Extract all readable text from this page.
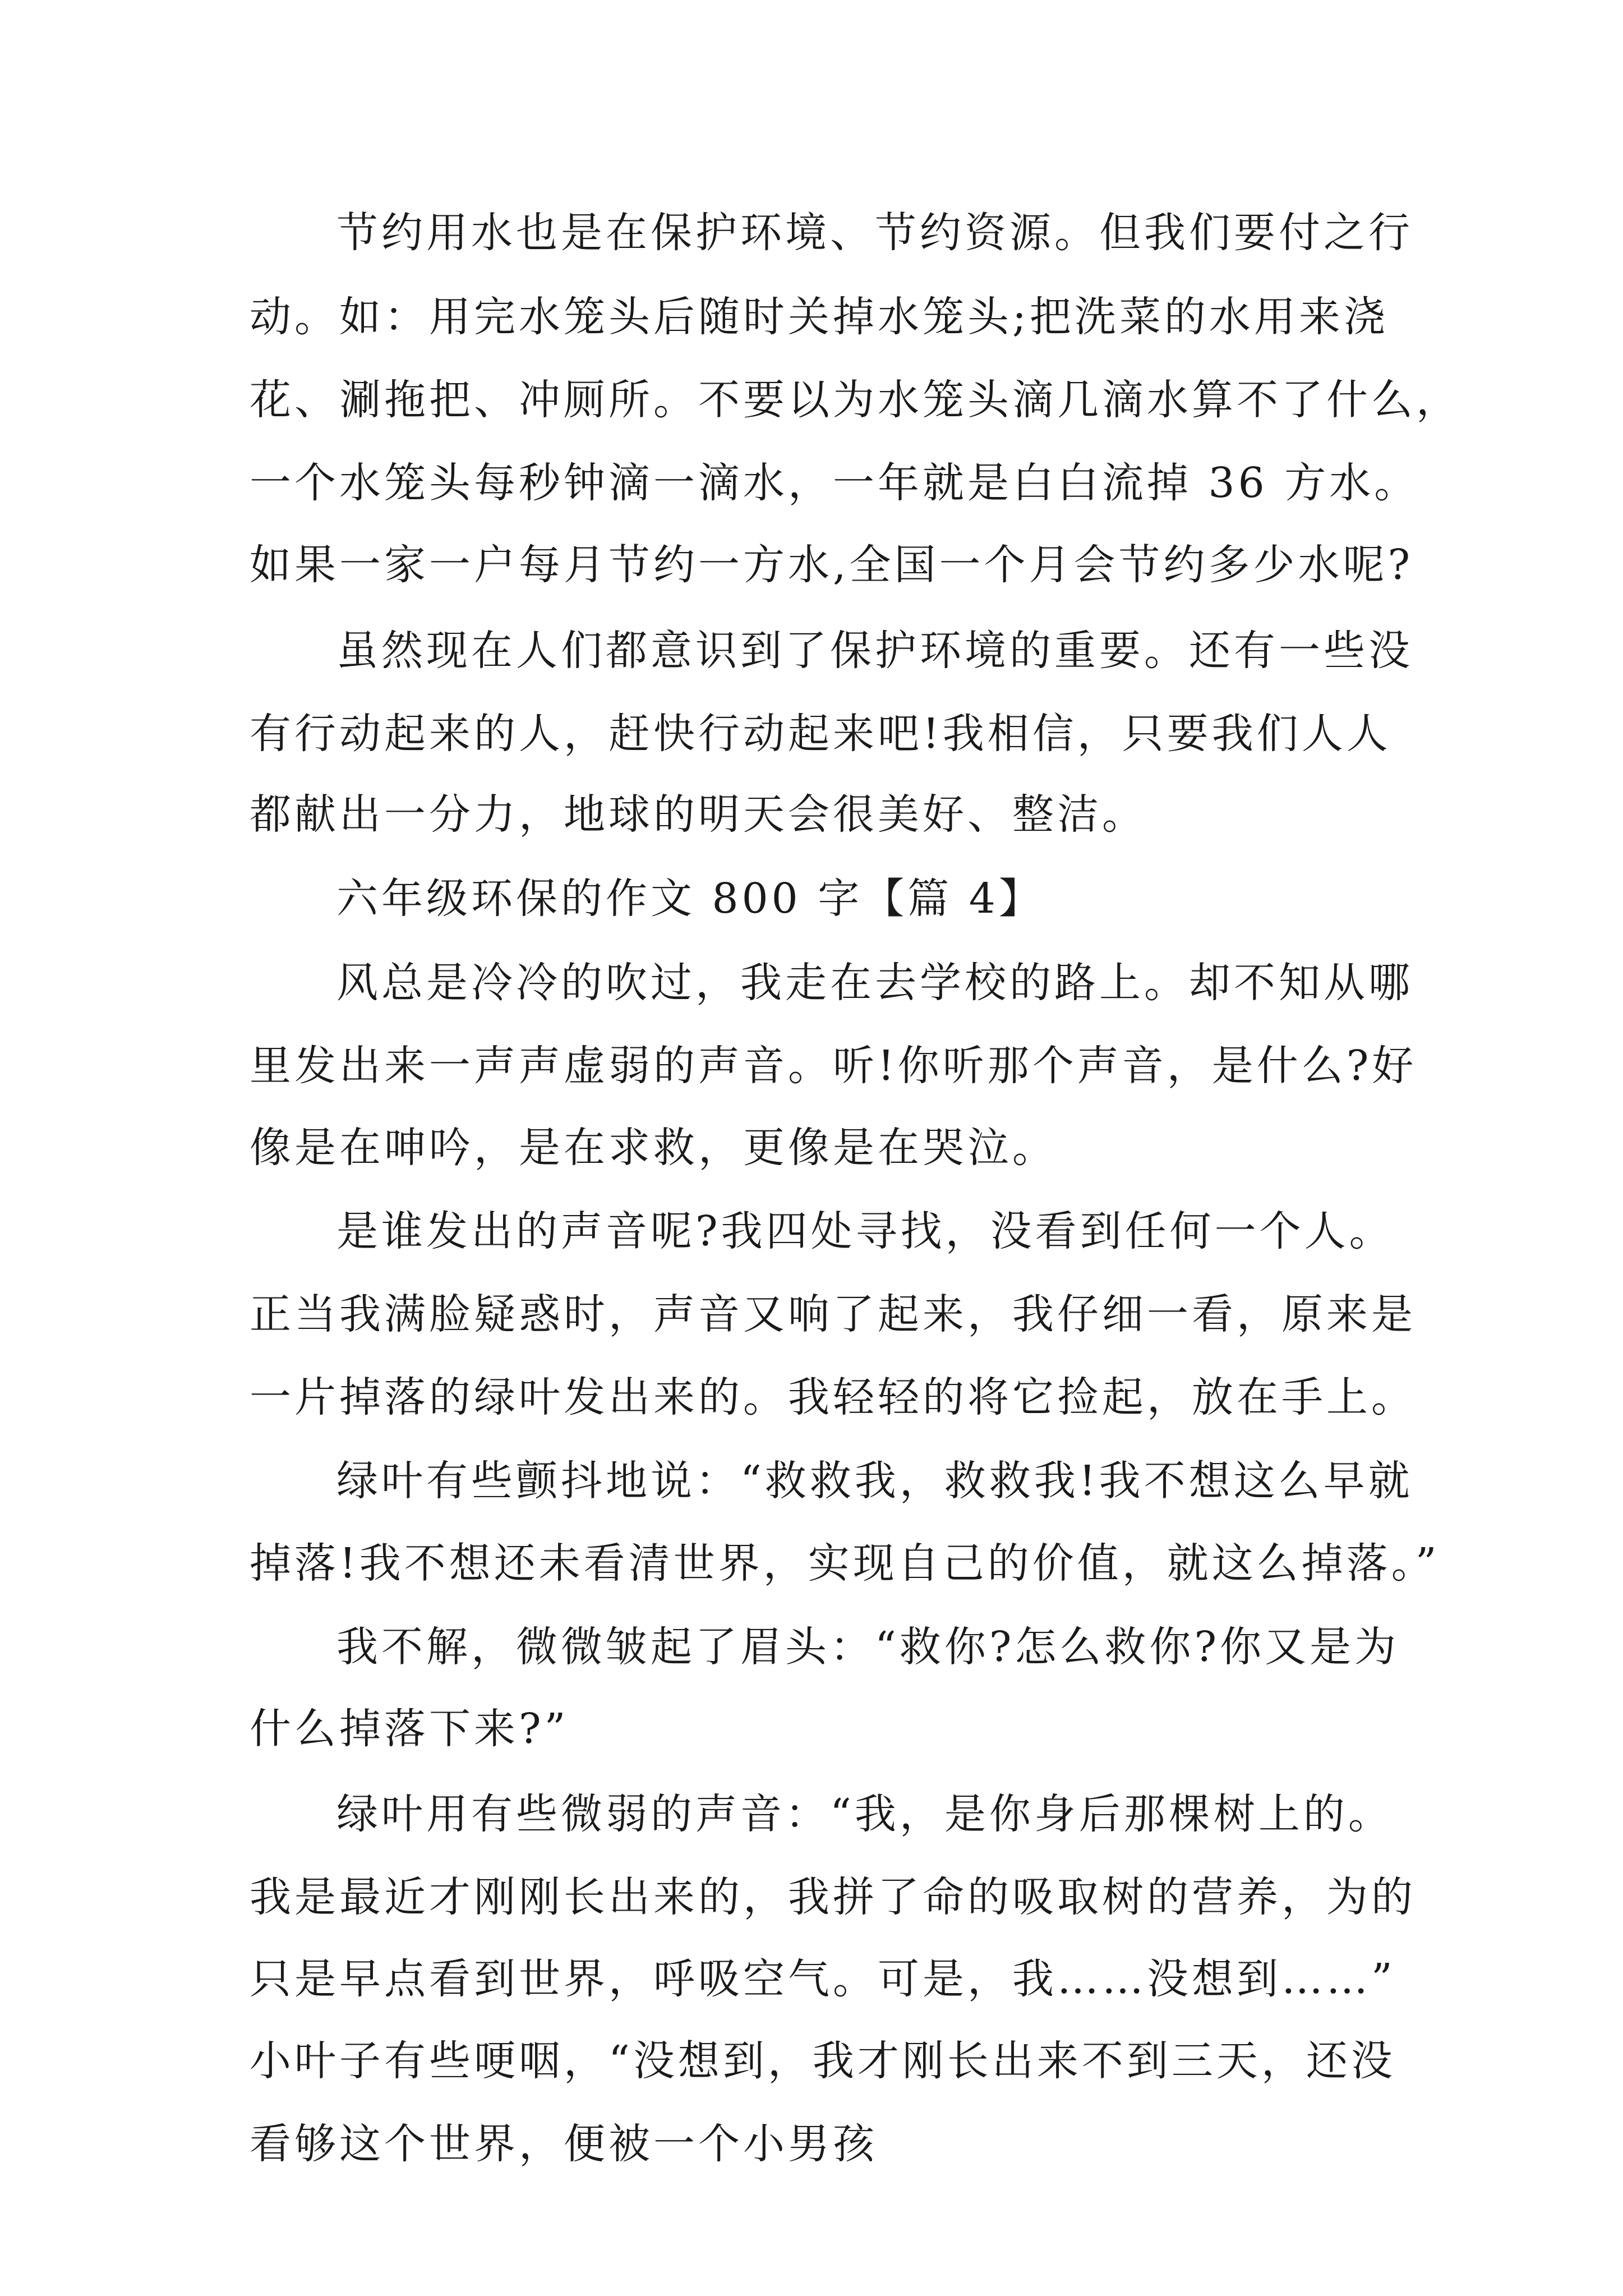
节约用水也是在保护环境、节约资源。但我们要付之行
动。如：用完水笼头后随时关掉水笼头;把洗菜的水用来浇
花、涮拖把、冲厕所。不要以为水笼头滴几滴水算不了什么，
一个水笼头每秒钟滴一滴水，一年就是白白流掉 36 方水。
如果一家一户每月节约一方水,全国一个月会节约多少水呢?
虽然现在人们都意识到了保护环境的重要。还有一些没
有行动起来的人，赶快行动起来吧!我相信，只要我们人人
都献出一分力，地球的明天会很美好、整洁。
六年级环保的作文 800 字【篇 4】
风总是冷冷的吹过，我走在去学校的路上。却不知从哪
里发出来一声声虚弱的声音。听!你听那个声音，是什么?好
像是在呻吟，是在求救，更像是在哭泣。
是谁发出的声音呢?我四处寻找，没看到任何一个人。
正当我满脸疑惑时，声音又响了起来，我仔细一看，原来是
一片掉落的绿叶发出来的。我轻轻的将它捡起，放在手上。
绿叶有些颤抖地说：“救救我，救救我!我不想这么早就
掉落!我不想还未看清世界，实现自己的价值，就这么掉落。”
我不解，微微皱起了眉头：“救你?怎么救你?你又是为
什么掉落下来?”
绿叶用有些微弱的声音：“我，是你身后那棵树上的。
我是最近才刚刚长出来的，我拼了命的吸取树的营养，为的
只是早点看到世界，呼吸空气。可是，我……没想到……”
小叶子有些哽咽，“没想到，我才刚长出来不到三天，还没
看够这个世界，便被一个小男孩
